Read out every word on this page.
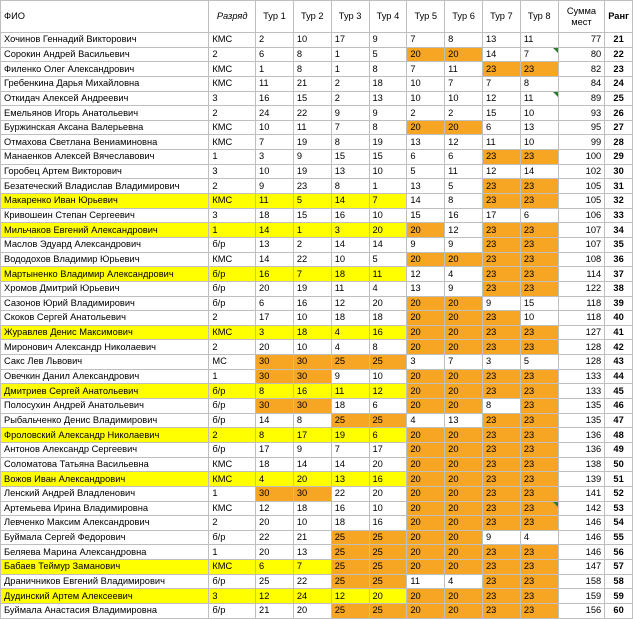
ФИО	Разряд	Тур 1	Тур 2	Тур 3	Тур 4	Тур 5	Тур 6	Тур 7	Тур 8	Сумма
мест	Ранг
Хочинов Геннадий Викторович	КМС	2	10	17	9	7	8	13	11	77	21
Сорокин Андрей Васильевич	2	6	8	1	5	20	20	14	7	80	22
Филенко Олег Александрович	КМС	1	8	1	8	7	11	23	23	82	23
Гребенкина Дарья Михайловна	КМС	11	21	2	18	10	7	7	8	84	24
Откидач Алексей Андреевич	3	16	15	2	13	10	10	12	11	89	25
Емельянов Игорь Анатольевич	2	24	22	9	9	2	2	15	10	93	26
Буржинская Аксана Валерьевна	КМС	10	11	7	8	20	20	6	13	95	27
Отмахова Светлана Вениаминовна	КМС	7	19	8	19	13	12	11	10	99	28
Манаенков Алексей Вячеславович	1	3	9	15	15	6	6	23	23	100	29
Горобец Артем Викторович	3	10	19	13	10	5	11	12	14	102	30
Безатеческий Владислав Владимирович	2	9	23	8	1	13	5	23	23	105	31
Макаренко Иван Юрьевич	КМС	11	5	14	7	14	8	23	23	105	32
Кривошеин Степан Сергеевич	3	18	15	16	10	15	16	17	6	106	33
Мильчаков Евгений Александрович	1	14	1	3	20	20	12	23	23	107	34
Маслов Эдуард Александрович	б/р	13	2	14	14	9	9	23	23	107	35
Вододохов Владимир Юрьевич	КМС	14	22	10	5	20	20	23	23	108	36
Мартыненко Владимир Александрович	б/р	16	7	18	11	12	4	23	23	114	37
Хромов Дмитрий Юрьевич	б/р	20	19	11	4	13	9	23	23	122	38
Сазонов Юрий Владимирович	б/р	6	16	12	20	20	20	9	15	118	39
Скоков Сергей Анатольевич	2	17	10	18	18	20	20	23	10	118	40
Журавлев Денис Максимович	КМС	3	18	4	16	20	20	23	23	127	41
Миронович Александр Николаевич	2	20	10	4	8	20	20	23	23	128	42
Сакс Лев Львович	МС	30	30	25	25	3	7	3	5	128	43
Овечкин Данил Александрович	1	30	30	9	10	20	20	23	23	133	44
Дмитриев Сергей Анатольевич	б/р	8	16	11	12	20	20	23	23	133	45
Полосухин Андрей Анатольевич	б/р	30	30	18	6	20	20	8	23	135	46
Рыбальченко Денис Владимирович	б/р	14	8	25	25	4	13	23	23	135	47
Фроловский Александр Николаевич	2	8	17	19	6	20	20	23	23	136	48
Антонов Александр Сергеевич	б/р	17	9	7	17	20	20	23	23	136	49
Соломатова Татьяна Васильевна	КМС	18	14	14	20	20	20	23	23	138	50
Вожов Иван Александрович	КМС	4	20	13	16	20	20	23	23	139	51
Ленский Андрей Владленович	1	30	30	22	20	20	20	23	23	141	52
Артемьева Ирина Владимировна	КМС	12	18	16	10	20	20	23	23	142	53
Левченко Максим Александрович	2	20	10	18	16	20	20	23	23	146	54
Буймала Сергей Федорович	б/р	22	21	25	25	20	20	9	4	146	55
Беляева Марина Александровна	1	20	13	25	25	20	20	23	23	146	56
Бабаев Теймур Заманович	КМС	6	7	25	25	20	20	23	23	147	57
Драничников Евгений Владимирович	б/р	25	22	25	25	11	4	23	23	158	58
Дудинский Артем Алексеевич	3	12	24	12	20	20	20	23	23	159	59
Буймала Анастасия Владимировна	б/р	21	20	25	25	20	20	23	23	156	60
